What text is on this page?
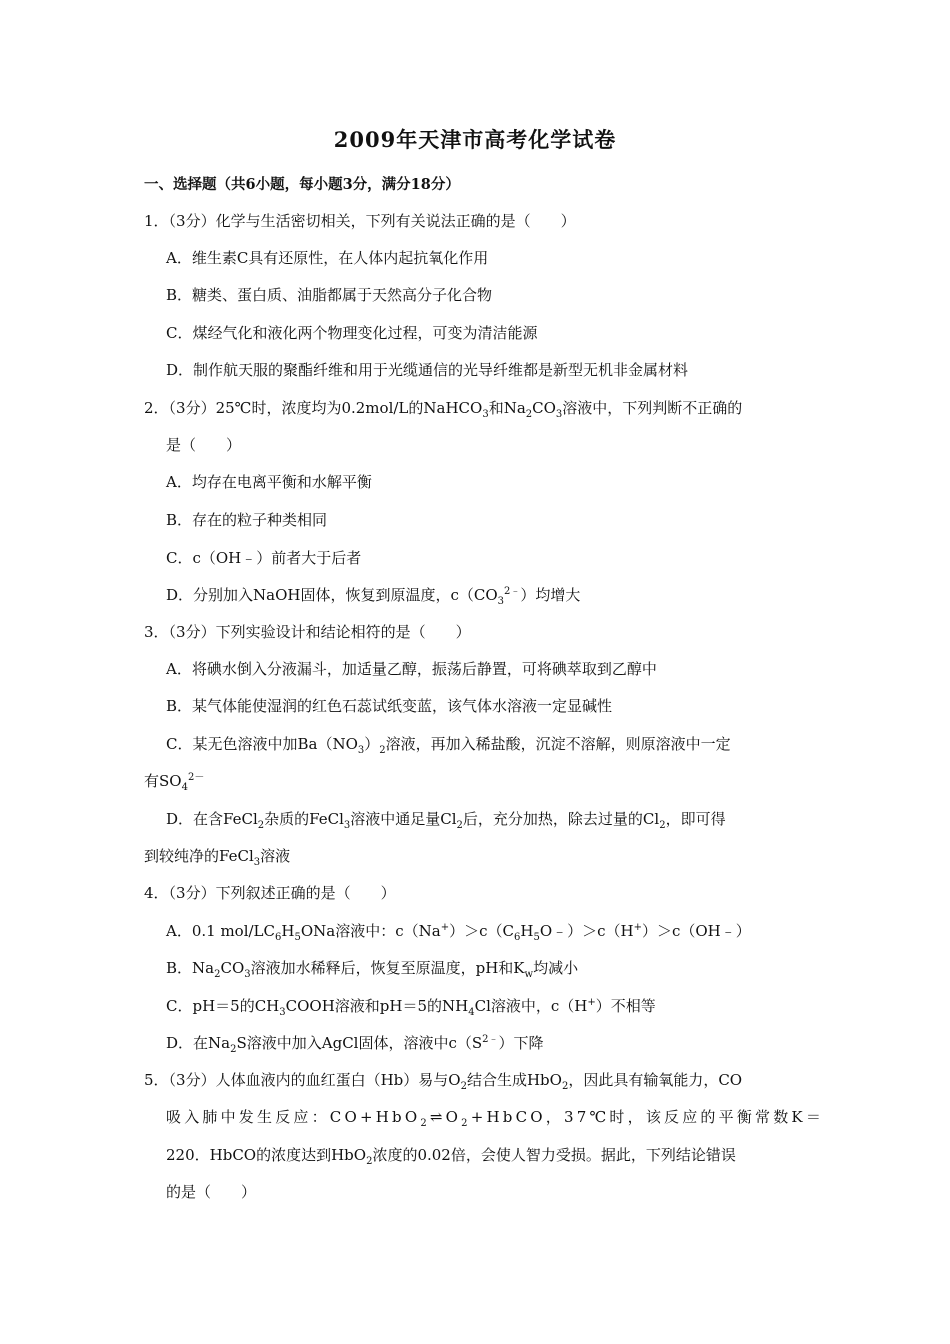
2009年天津市高考化学试卷
一、选择题（共6小题，每小题3分，满分18分）
1．（3分）化学与生活密切相关，下列有关说法正确的是（　　）
A．维生素C具有还原性，在人体内起抗氧化作用
B．糖类、蛋白质、油脂都属于天然高分子化合物
C．煤经气化和液化两个物理变化过程，可变为清洁能源
D．制作航天服的聚酯纤维和用于光缆通信的光导纤维都是新型无机非金属材料
2．（3分）25℃时，浓度均为0.2mol/L的NaHCO$_3$和$Na_2CO_3$溶液中，下列判断不正确的
是（　　）
A．均存在电离平衡和水解平衡
B．存在的粒子种类相同
C．c（OH﹣）前者大于后者
D．分别加入NaOH固体，恢复到原温度，$c(CO_3^{2﹣})$均增大
3．（3分）下列实验设计和结论相符的是（　　）
A．将碘水倒入分液漏斗，加适量乙醇，振荡后静置，可将碘萃取到乙醇中
B．某气体能使湿润的红色石蕊试纸变蓝，该气体水溶液一定显碱性
C．某无色溶液中加$Ba(NO_3)_2$溶液，再加入稀盐酸，沉淀不溶解，则原溶液中一定
有$SO_4^{2-}$
D．在含FeCl$_2$杂质的FeCl$_3$溶液中通足量$Cl_2$后，充分加热，除去过量的$Cl_2$，即可得
到较纯净的FeCl$_3$溶液
4．（3分）下列叙述正确的是（　　）
A．0.1 mol/$LC_6H_5ONa$溶液中：$c(Na^+)>c(C_6H_5O﹣)>c(H^+)>c(OH﹣)$
B．$Na_2CO_3$溶液加水稀释后，恢复至原温度，pH和$K_w$均减小
C．pH＝5的$CH_3COOH$溶液和pH＝5的$NH_4Cl$溶液中，c（H+）不相等
D．在$Na_2S$溶液中加入AgCl固体，溶液中$c(S^{2﹣})$下降
5．（3分）人体血液内的血红蛋白（Hb）易与$O_2$结合生成HbO$_2$，因此具有输氧能力，CO
吸入肺中发生反应：$CO+HbO_2\rightleftharpoons O_2+HbCO$，37℃时，该反应的平衡常数K＝
220．HbCO的浓度达到HbO$_2$浓度的0.02倍，会使人智力受损。据此，下列结论错误
的是（　　）
